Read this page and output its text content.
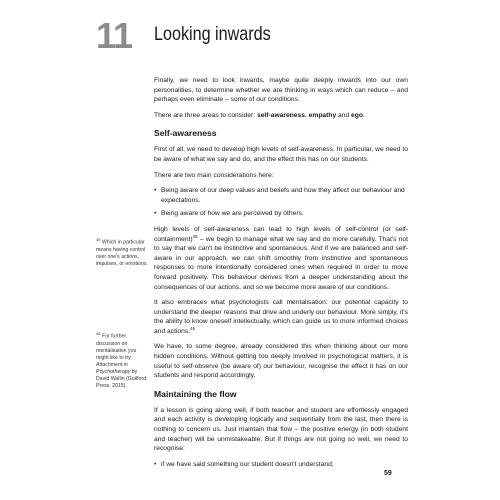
11 Looking inwards

Finally, we need to look inwards, maybe quite deeply inwards into our own personalities, to determine whether we are thinking in ways which can reduce – and perhaps even eliminate – some of our conditions.

There are three areas to consider: self-awareness, empathy and ego.

Self-awareness

First of all, we need to develop high levels of self-awareness. In particular, we need to be aware of what we say and do, and the effect this has on our students.

There are two main considerations here:

• Being aware of our deep values and beliefs and how they affect our behaviour and expectations.
• Being aware of how we are perceived by others.

High levels of self-awareness can lead to high levels of self-control (or self-containment)$^{45}$ – we begin to manage what we say and do more carefully. That's not to say that we can't be instinctive and spontaneous. And if we are balanced and self-aware in our approach, we can shift smoothly from instinctive and spontaneous responses to more intentionally considered ones when required in order to move forward positively. This behaviour derives from a deeper understanding about the consequences of our actions, and so we become more aware of our conditions.

It also embraces what psychologists call mentalisation: our potential capacity to understand the deeper reasons that drive and underly our behaviour. More simply, it's the ability to know oneself intellectually, which can guide us to more informed choices and actions.$^{46}$

We have, to some degree, already considered this when thinking about our more hidden conditions. Without getting too deeply involved in psychological matters, it is useful to self-observe (be aware of) our behaviour, recognise the effect it has on our students and respond accordingly.

Maintaining the flow

If a lesson is going along well, if both teacher and student are effortlessly engaged and each activity is developing logically and sequentially from the last, then there is nothing to concern us. Just maintain that flow – the positive energy (in both student and teacher) will be unmistakeable. But if things are not going so well, we need to recognise:

• if we have said something our student doesn't understand;
$^{45}$ Which in particular means having control over one's actions, impulses, or emotions.
$^{46}$ For further discussion on mentalisation you might like to try Attachment in Psychotherapy by David Wallin (Guilford Press, 2015).
59
